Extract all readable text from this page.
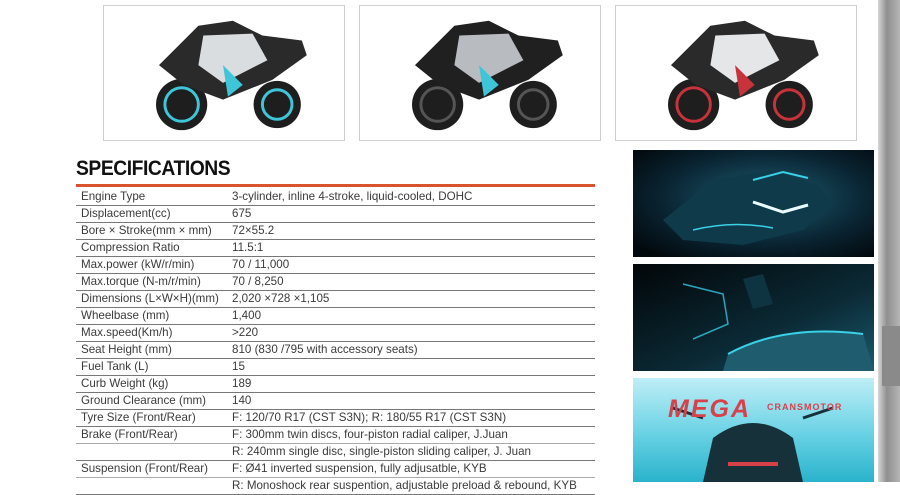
SPECIFICATIONS
Engine Type	3-cylinder, inline 4-stroke, liquid-cooled, DOHC
Displacement(cc)	675
Bore × Stroke(mm × mm) 72×55.2
Compression Ratio	11.5:1
Max.power (kW/r/min)	70 / 11,000
Max.torque (N-m/r/min)	70 / 8,250
Dimensions (L×W×H)(mm) 2,020 ×728 ×1,105
Wheelbase (mm)	1,400
Max.speed(Km/h)	>220
Seat Height (mm)	810 (830 /795 with accessory seats)
Fuel Tank (L)	15
Curb Weight (kg)	189
Ground Clearance (mm) 140
Tyre Size (Front/Rear)	F: 120/70 R17 (CST S3N); R: 180/55 R17 (CST S3N)
Brake (Front/Rear)	F: 300mm twin discs, four-piston radial caliper, J.Juan
R: 240mm single disc, single-piston sliding caliper, J. Juan
Suspension (Front/Rear) F: Ø41 inverted suspension, fully adjusatble, KYB
R: Monoshock rear suspention, adjustable preload & rebound, KYB
MEGA CRANSMOTOR
